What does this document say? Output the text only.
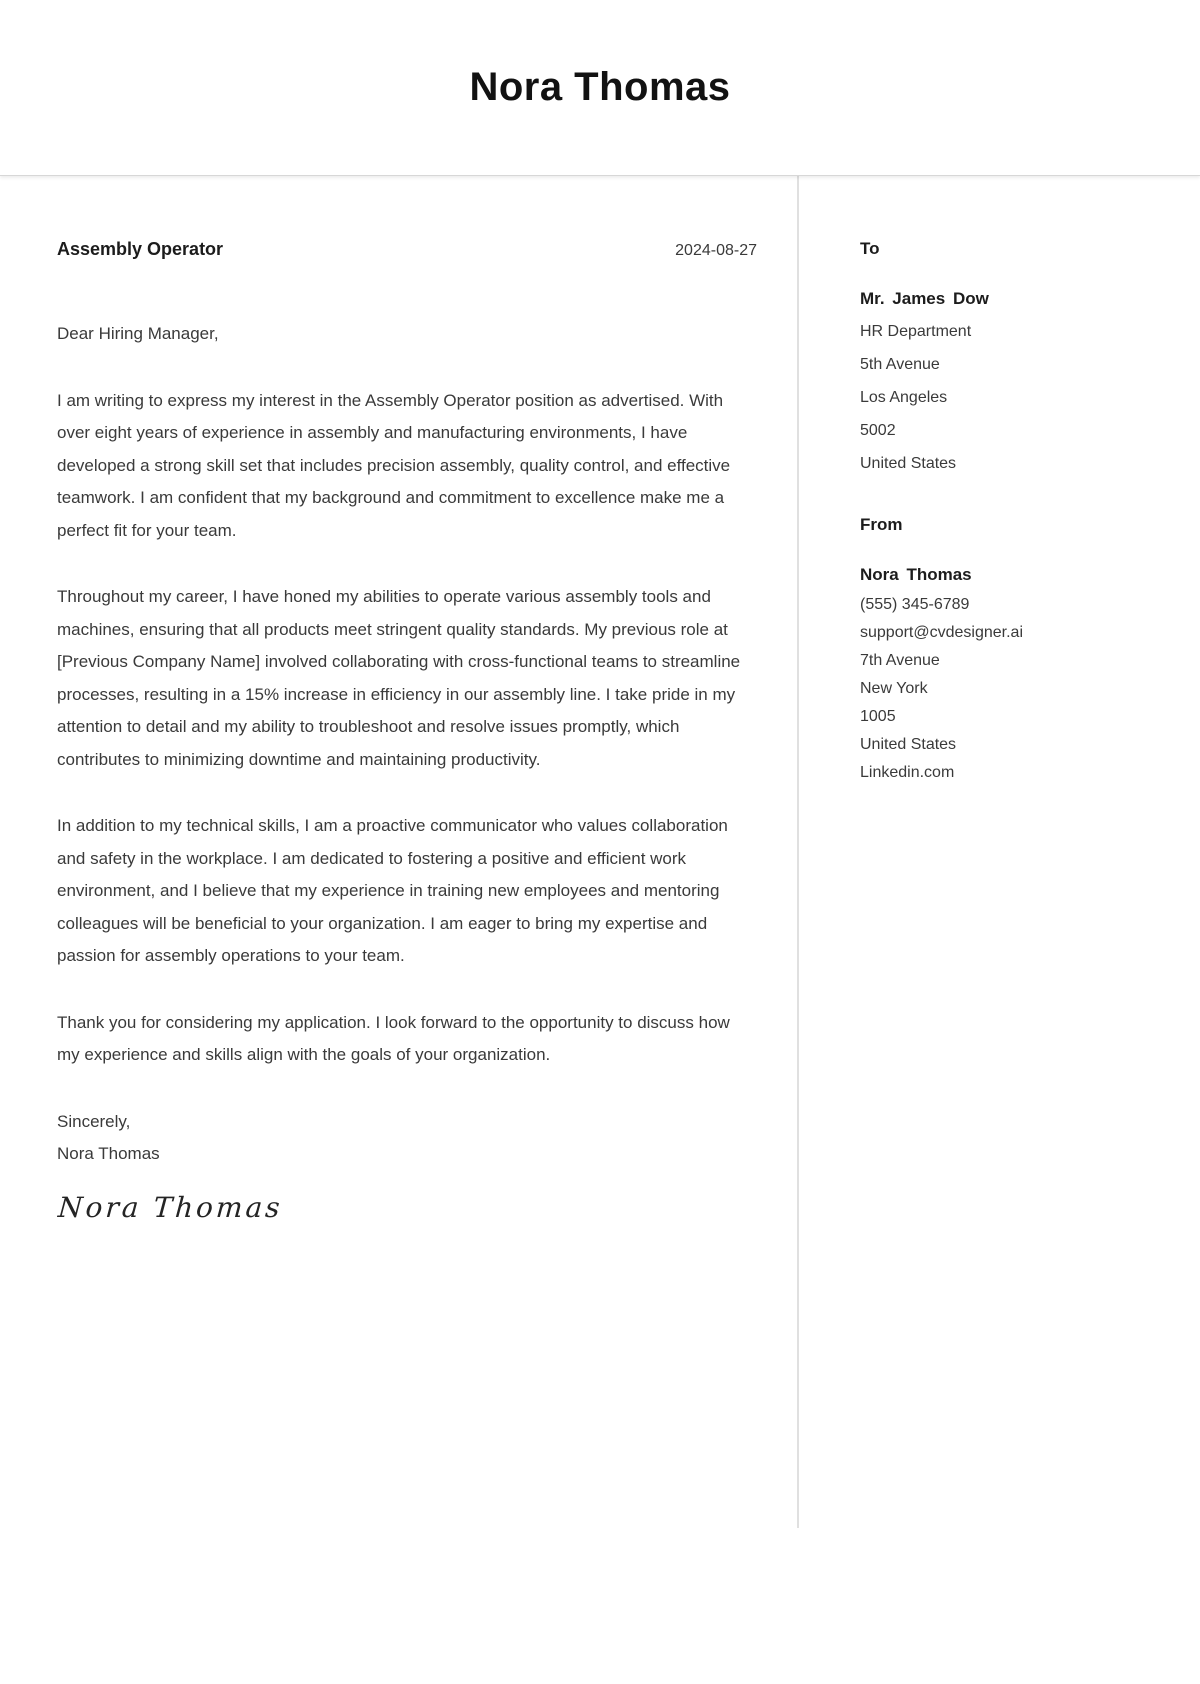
Nora Thomas
Assembly Operator	2024-08-27

Dear Hiring Manager,

I am writing to express my interest in the Assembly Operator position as advertised. With over eight years of experience in assembly and manufacturing environments, I have developed a strong skill set that includes precision assembly, quality control, and effective teamwork. I am confident that my background and commitment to excellence make me a perfect fit for your team.

Throughout my career, I have honed my abilities to operate various assembly tools and machines, ensuring that all products meet stringent quality standards. My previous role at [Previous Company Name] involved collaborating with cross-functional teams to streamline processes, resulting in a 15% increase in efficiency in our assembly line. I take pride in my attention to detail and my ability to troubleshoot and resolve issues promptly, which contributes to minimizing downtime and maintaining productivity.

In addition to my technical skills, I am a proactive communicator who values collaboration and safety in the workplace. I am dedicated to fostering a positive and efficient work environment, and I believe that my experience in training new employees and mentoring colleagues will be beneficial to your organization. I am eager to bring my expertise and passion for assembly operations to your team.

Thank you for considering my application. I look forward to the opportunity to discuss how my experience and skills align with the goals of your organization.

Sincerely,
Nora Thomas

Nora Thomas
To
Mr. James Dow
HR Department
5th Avenue
Los Angeles
5002
United States
From
Nora Thomas
(555) 345-6789
support@cvdesigner.ai
7th Avenue
New York
1005
United States
Linkedin.com
